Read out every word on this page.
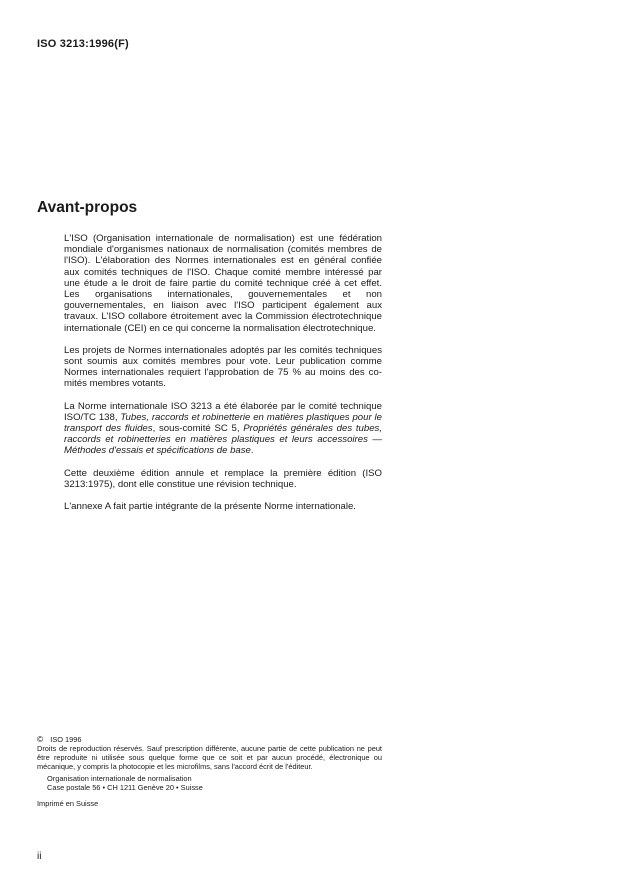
ISO 3213:1996(F)
Avant-propos

L'ISO (Organisation internationale de normalisation) est une fédération mondiale d'organismes nationaux de normalisation (comités membres de l'ISO). L'élaboration des Normes internationales est en général confiée aux comités techniques de l'ISO. Chaque comité membre intéressé par une étude a le droit de faire partie du comité technique créé à cet effet. Les organisations internationales, gouvernementales et non gouvernementales, en liaison avec l'ISO participent également aux travaux. L'ISO collabore étroitement avec la Commission électrotechnique internationale (CEI) en ce qui concerne la normalisation électrotechnique.

Les projets de Normes internationales adoptés par les comités techniques sont soumis aux comités membres pour vote. Leur publication comme Normes internationales requiert l'approbation de 75 % au moins des comités membres votants.

La Norme internationale ISO 3213 a été élaborée par le comité technique ISO/TC 138, Tubes, raccords et robinetterie en matières plastiques pour le transport des fluides, sous-comité SC 5, Propriétés générales des tubes, raccords et robinetteries en matières plastiques et leurs accessoires — Méthodes d'essais et spécifications de base.

Cette deuxième édition annule et remplace la première édition (ISO 3213:1975), dont elle constitue une révision technique.

L'annexe A fait partie intégrante de la présente Norme internationale.

© ISO 1996

Droits de reproduction réservés. Sauf prescription différente, aucune partie de cette publication ne peut être reproduite ni utilisée sous quelque forme que ce soit et par aucun procédé, électronique ou mécanique, y compris la photocopie et les microfilms, sans l'accord écrit de l'éditeur.

Organisation internationale de normalisation
Case postale 56 • CH 1211 Genève 20 • Suisse
Imprimé en Suisse
ii
